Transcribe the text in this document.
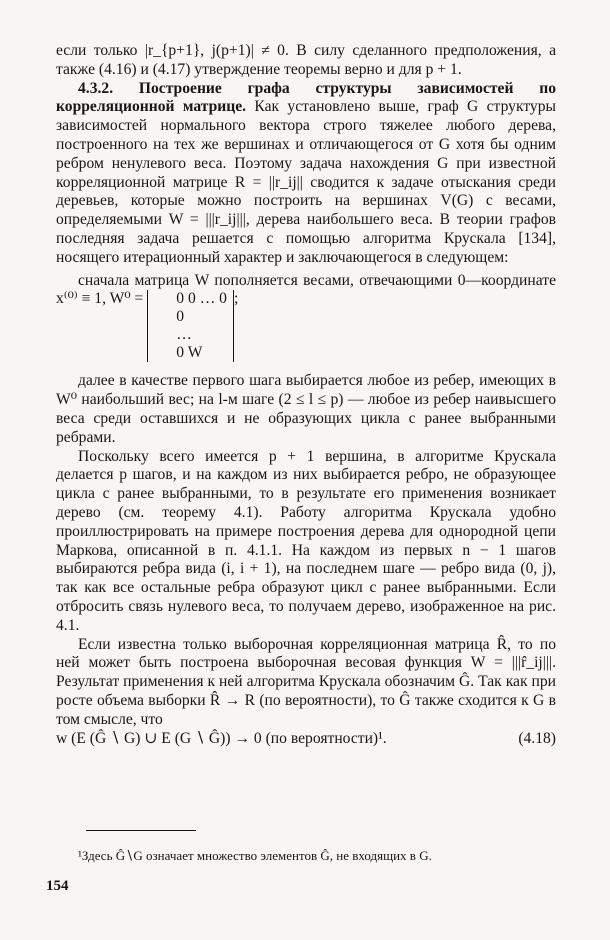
если только |r_{p+1}, j(p+1)| ≠ 0. В силу сделанного предположения, а также (4.16) и (4.17) утверждение теоремы верно и для p + 1.

4.3.2. Построение графа структуры зависимостей по корреляционной матрице. Как установлено выше, граф G структуры зависимостей нормального вектора строго тяжелее любого дерева, построенного на тех же вершинах и отличающегося от G хотя бы одним ребром ненулевого веса. Поэтому задача нахождения G при известной корреляционной матрице R = ||r_ij|| сводится к задаче отыскания среди деревьев, которые можно построить на вершинах V(G) с весами, определяемыми W = |||r_ij|||, дерева наибольшего веса. В теории графов последняя задача решается с помощью алгоритма Крускала [134], носящего итерационный характер и заключающегося в следующем:

сначала матрица W пополняется весами, отвечающими 0—координате x⁽⁰⁾ ≡ 1, W⁰ =	0 0 … 0
0
…
0 W
;

далее в качестве первого шага выбирается любое из ребер, имеющих в W⁰ наибольший вес; на l-м шаге (2 ≤ l ≤ p) — любое из ребер наивысшего веса среди оставшихся и не образующих цикла с ранее выбранными ребрами.

Поскольку всего имеется p + 1 вершина, в алгоритме Крускала делается p шагов, и на каждом из них выбирается ребро, не образующее цикла с ранее выбранными, то в результате его применения возникает дерево (см. теорему 4.1). Работу алгоритма Крускала удобно проиллюстрировать на примере построения дерева для однородной цепи Маркова, описанной в п. 4.1.1. На каждом из первых n − 1 шагов выбираются ребра вида (i, i + 1), на последнем шаге — ребро вида (0, j), так как все остальные ребра образуют цикл с ранее выбранными. Если отбросить связь нулевого веса, то получаем дерево, изображенное на рис. 4.1.

Если известна только выборочная корреляционная матрица R̂, то по ней может быть построена выборочная весовая функция W = |||r̂_ij|||. Результат применения к ней алгоритма Крускала обозначим Ĝ. Так как при росте объема выборки R̂ → R (по вероятности), то Ĝ также сходится к G в том смысле, что

w (E (Ĝ ∖ G) ∪ E (G ∖ Ĝ)) → 0 (по вероятности)¹.	(4.18)
¹Здесь Ĝ∖G означает множество элементов Ĝ, не входящих в G.
154
